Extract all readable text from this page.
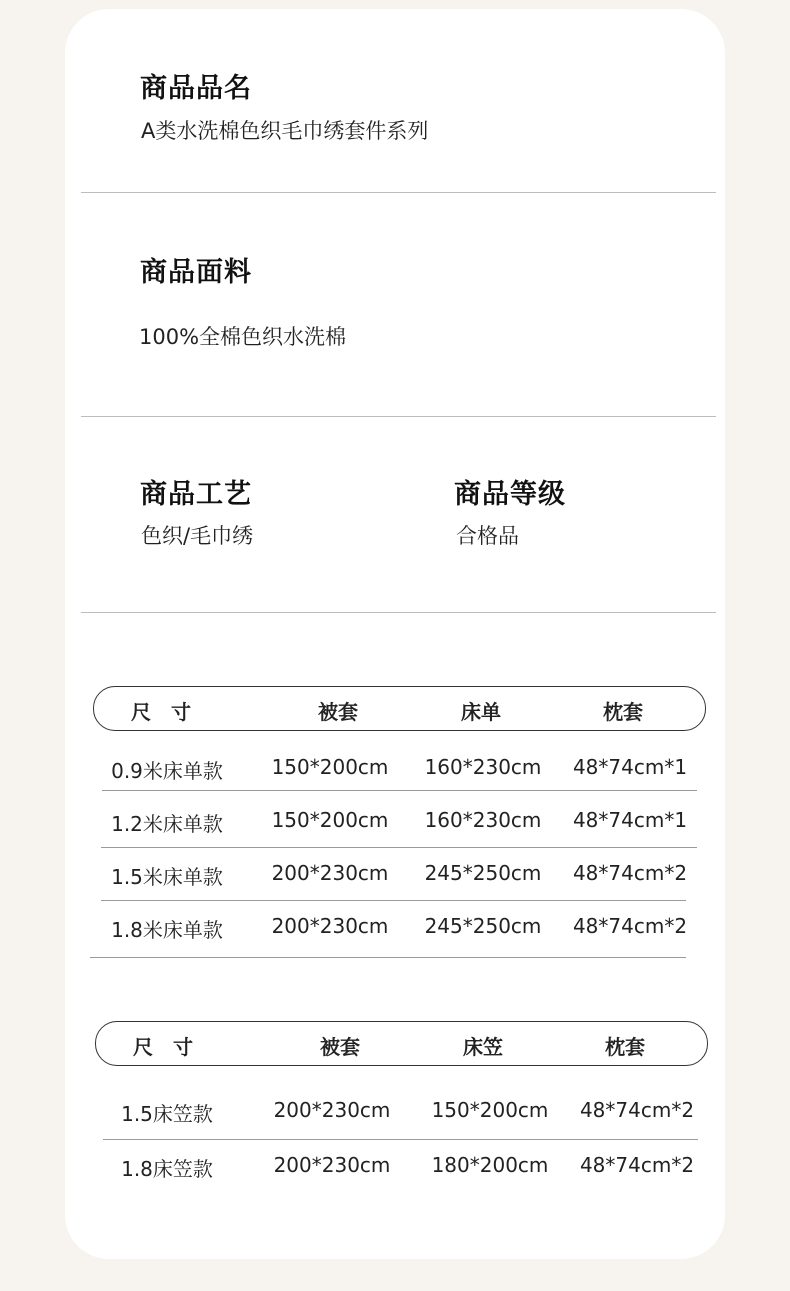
商品品名
A类水洗棉色织毛巾绣套件系列
商品面料
100%全棉色织水洗棉
商品工艺
色织/毛巾绣
商品等级
合格品
尺　寸	被套	床单	枕套
0.9米床单款 150*200cm 160*230cm 48*74cm*1
1.2米床单款 150*200cm 160*230cm 48*74cm*1
1.5米床单款 200*230cm 245*250cm 48*74cm*2
1.8米床单款 200*230cm 245*250cm 48*74cm*2
尺　寸	被套	床笠	枕套
1.5床笠款	200*230cm 150*200cm 48*74cm*2
1.8床笠款	200*230cm 180*200cm 48*74cm*2
